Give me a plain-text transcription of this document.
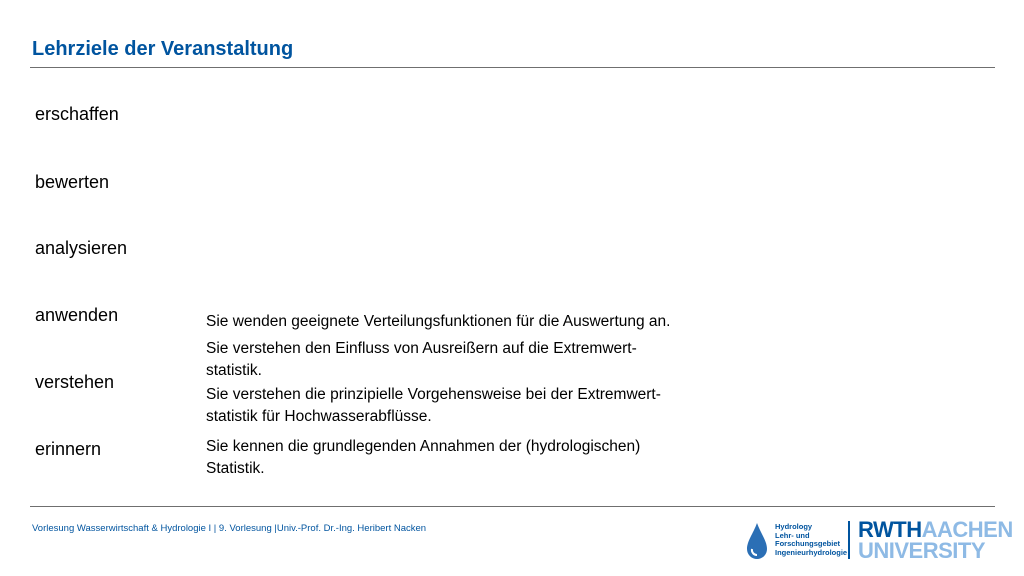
Lehrziele der Veranstaltung
erschaffen
bewerten
analysieren
anwenden
verstehen
erinnern
Sie wenden geeignete Verteilungsfunktionen für die Auswertung an.
Sie verstehen den Einfluss von Ausreißern auf die Extremwert-
statistik.
Sie verstehen die prinzipielle Vorgehensweise bei der Extremwert-
statistik für Hochwasserabflüsse.
Sie kennen die grundlegenden Annahmen der (hydrologischen)
Statistik.
Vorlesung Wasserwirtschaft & Hydrologie I | 9. Vorlesung |Univ.-Prof. Dr.-Ing. Heribert Nacken	Hydrology
Lehr- und
Forschungsgebiet
Ingenieurhydrologie
RWTHAACHEN
UNIVERSITY
